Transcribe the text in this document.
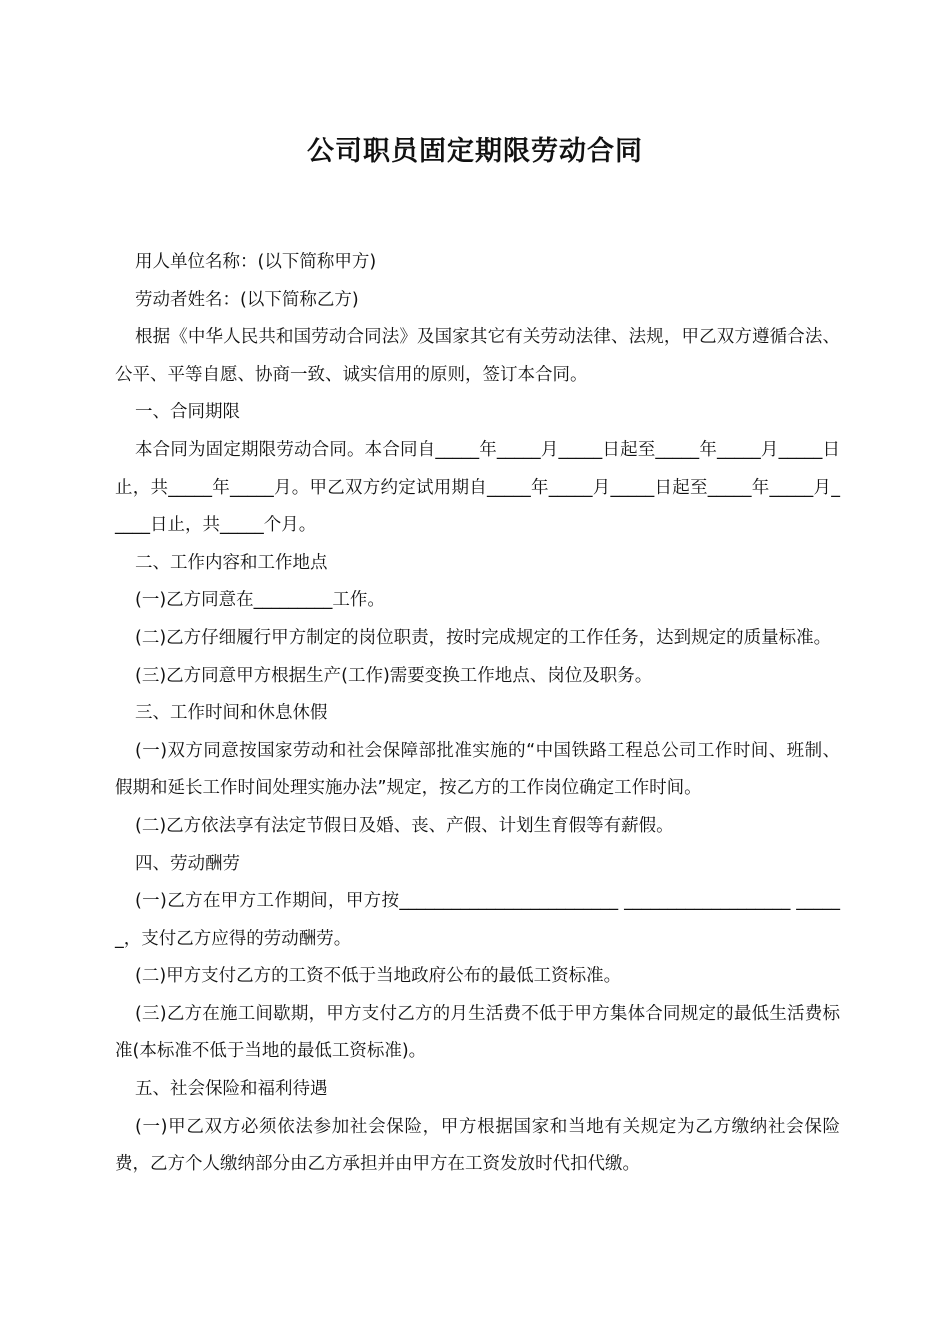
公司职员固定期限劳动合同

用人单位名称：(以下简称甲方)

劳动者姓名：(以下简称乙方)

根据《中华人民共和国劳动合同法》及国家其它有关劳动法律、法规，甲乙双方遵循合法、公平、平等自愿、协商一致、诚实信用的原则，签订本合同。

一、合同期限

本合同为固定期限劳动合同。本合同自_____年_____月_____日起至_____年_____月_____日止，共_____年_____月。甲乙双方约定试用期自_____年_____月_____日起至_____年_____月_____日止，共_____个月。

二、工作内容和工作地点

(一)乙方同意在_________工作。

(二)乙方仔细履行甲方制定的岗位职责，按时完成规定的工作任务，达到规定的质量标准。

(三)乙方同意甲方根据生产(工作)需要变换工作地点、岗位及职务。

三、工作时间和休息休假

(一)双方同意按国家劳动和社会保障部批准实施的“中国铁路工程总公司工作时间、班制、假期和延长工作时间处理实施办法”规定，按乙方的工作岗位确定工作时间。

(二)乙方依法享有法定节假日及婚、丧、产假、计划生育假等有薪假。

四、劳动酬劳

(一)乙方在甲方工作期间，甲方按_________________________ ___________________ ______，支付乙方应得的劳动酬劳。

(二)甲方支付乙方的工资不低于当地政府公布的最低工资标准。

(三)乙方在施工间歇期，甲方支付乙方的月生活费不低于甲方集体合同规定的最低生活费标准(本标准不低于当地的最低工资标准)。

五、社会保险和福利待遇

(一)甲乙双方必须依法参加社会保险，甲方根据国家和当地有关规定为乙方缴纳社会保险费，乙方个人缴纳部分由乙方承担并由甲方在工资发放时代扣代缴。
